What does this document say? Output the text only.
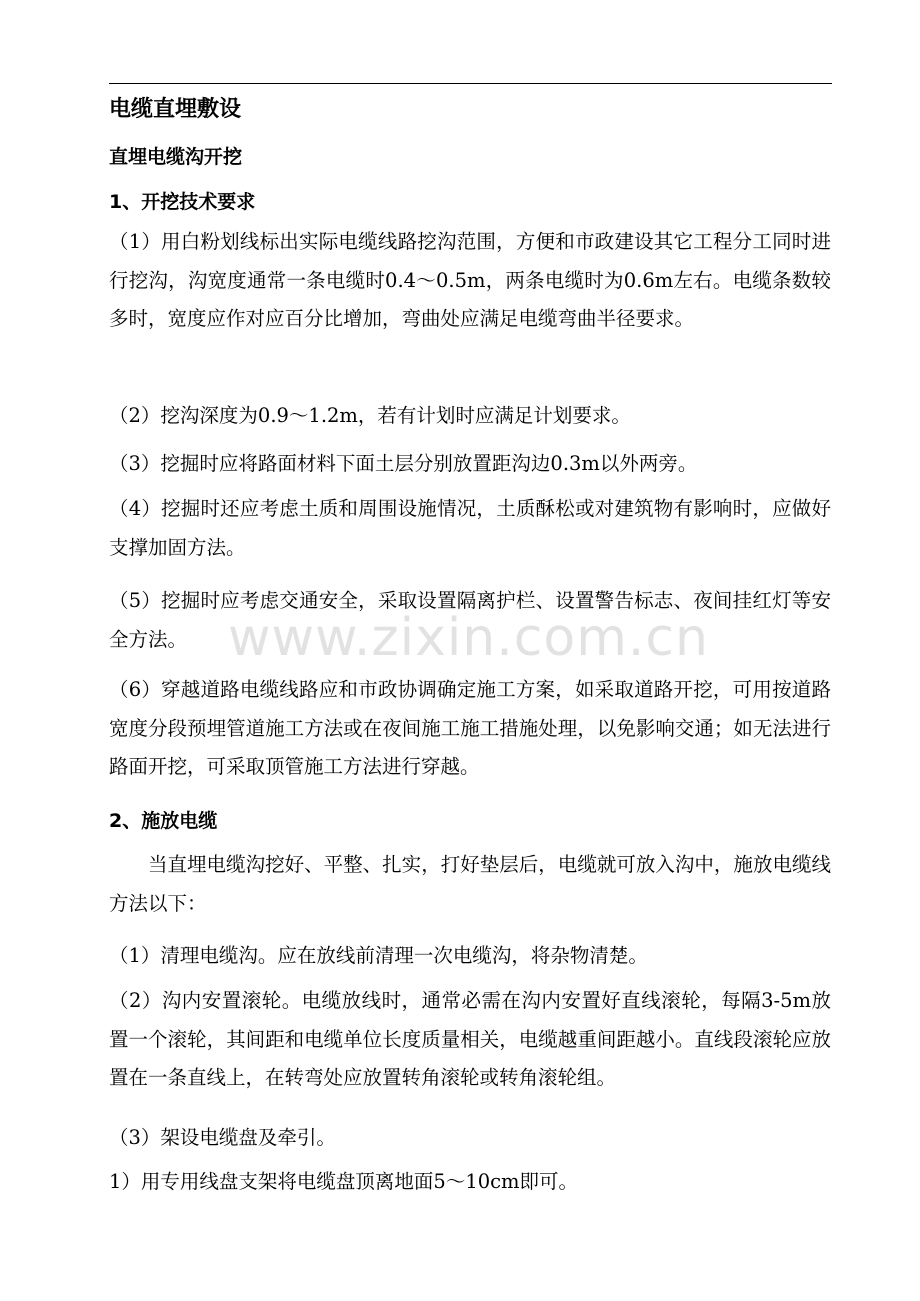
电缆直埋敷设
直埋电缆沟开挖
1、开挖技术要求

（1）用白粉划线标出实际电缆线路挖沟范围，方便和市政建设其它工程分工同时进行挖沟，沟宽度通常一条电缆时0.4～0.5m，两条电缆时为0.6m左右。电缆条数较多时，宽度应作对应百分比增加，弯曲处应满足电缆弯曲半径要求。

（2）挖沟深度为0.9～1.2m，若有计划时应满足计划要求。

（3）挖掘时应将路面材料下面土层分别放置距沟边0.3m以外两旁。

（4）挖掘时还应考虑土质和周围设施情况，土质酥松或对建筑物有影响时，应做好支撑加固方法。

（5）挖掘时应考虑交通安全，采取设置隔离护栏、设置警告标志、夜间挂红灯等安全方法。

（6）穿越道路电缆线路应和市政协调确定施工方案，如采取道路开挖，可用按道路宽度分段预埋管道施工方法或在夜间施工施工措施处理，以免影响交通；如无法进行路面开挖，可采取顶管施工方法进行穿越。

2、施放电缆

当直埋电缆沟挖好、平整、扎实，打好垫层后，电缆就可放入沟中，施放电缆线方法以下：

（1）清理电缆沟。应在放线前清理一次电缆沟，将杂物清楚。

（2）沟内安置滚轮。电缆放线时，通常必需在沟内安置好直线滚轮，每隔3-5m放置一个滚轮，其间距和电缆单位长度质量相关，电缆越重间距越小。直线段滚轮应放置在一条直线上，在转弯处应放置转角滚轮或转角滚轮组。

（3）架设电缆盘及牵引。

1）用专用线盘支架将电缆盘顶离地面5～10cm即可。

www.zixin.com.cn
